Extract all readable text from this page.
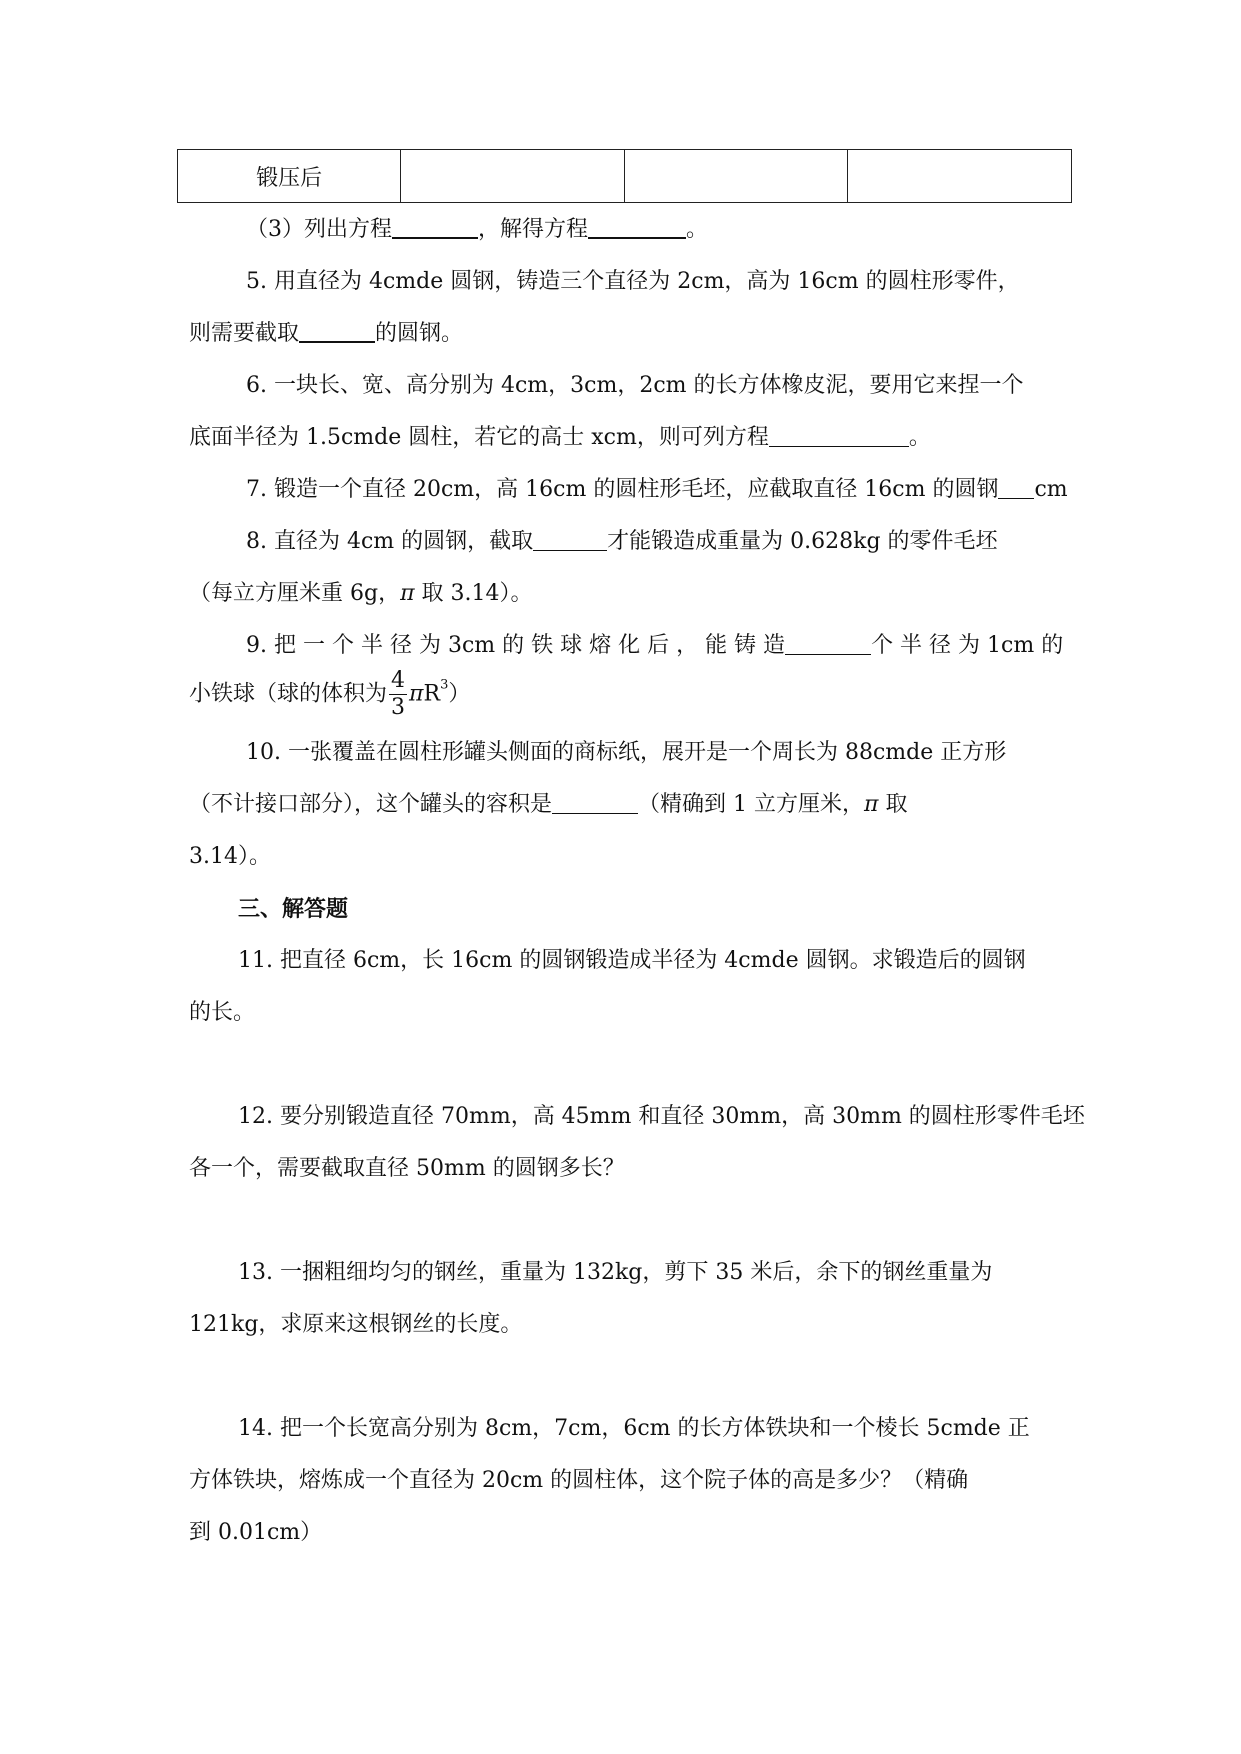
锻压后			
（3）列出方程	，解得方程	。
5. 用直径为 4cmde 圆钢，铸造三个直径为 2cm，高为 16cm 的圆柱形零件，
则需要截取	的圆钢。
6. 一块长、宽、高分别为 4cm，3cm，2cm 的长方体橡皮泥，要用它来捏一个
底面半径为 1.5cmde 圆柱，若它的高士 xcm，则可列方程	。
7. 锻造一个直径 20cm，高 16cm 的圆柱形毛坯，应截取直径 16cm 的圆钢 cm
8. 直径为 4cm 的圆钢，截取	才能锻造成重量为 0.628kg 的零件毛坯
（每立方厘米重 6g，π 取 3.14）。
9. 把 一 个 半 径 为 3cm 的 铁 球 熔 化 后 ， 能 铸 造	个 半 径 为 1cm 的
小铁球（球的体积为 $\frac{4}{3} \pi R^3$）
10. 一张覆盖在圆柱形罐头侧面的商标纸，展开是一个周长为 88cmde 正方形
（不计接口部分），这个罐头的容积是	（精确到 1 立方厘米，π 取
3.14）。
三、解答题
11. 把直径 6cm，长 16cm 的圆钢锻造成半径为 4cmde 圆钢。求锻造后的圆钢
的长。
12. 要分别锻造直径 70mm，高 45mm 和直径 30mm，高 30mm 的圆柱形零件毛坯
各一个，需要截取直径 50mm 的圆钢多长？
13. 一捆粗细均匀的钢丝，重量为 132kg，剪下 35 米后，余下的钢丝重量为
121kg，求原来这根钢丝的长度。
14. 把一个长宽高分别为 8cm，7cm，6cm 的长方体铁块和一个棱长 5cmde 正
方体铁块，熔炼成一个直径为 20cm 的圆柱体，这个院子体的高是多少？（精确
到 0.01cm）
